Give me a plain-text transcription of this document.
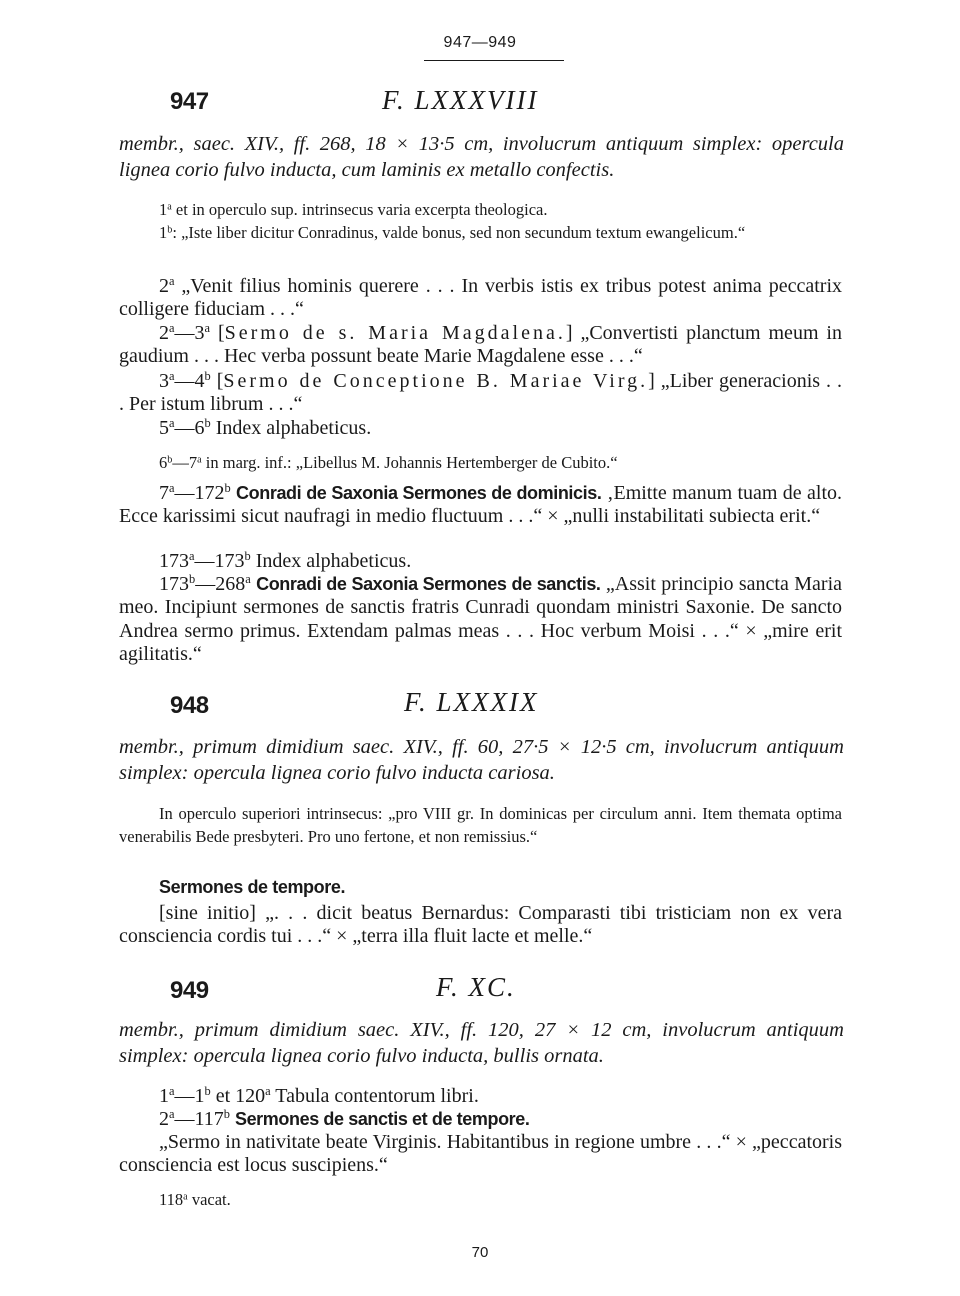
947—949
947	F. LXXXVIII

membr., saec. XIV., ff. 268, 18 × 13·5 cm, involucrum antiquum simplex: opercula lignea corio fulvo inducta, cum laminis ex metallo confectis.

1$^a$ et in operculo sup. intrinsecus varia excerpta theologica.

1$^b$: „Iste liber dicitur Conradinus, valde bonus, sed non secundum textum ewangelicum.“

2$^a$ „Venit filius hominis querere . . . In verbis istis ex tribus potest anima peccatrix colligere fiduciam . . .“

2$^a$—3$^a$ [Sermo de s. Maria Magdalena.] „Convertisti planctum meum in gaudium . . . Hec verba possunt beate Marie Magdalene esse . . .“

3$^a$—4$^b$ [Sermo de Conceptione B. Mariae Virg.] „Liber generacionis . . . Per istum librum . . .“

5$^a$—6$^b$ Index alphabeticus.

6$^b$—7$^a$ in marg. inf.: „Libellus M. Johannis Hertemberger de Cubito.“

7$^a$—172$^b$ Conradi de Saxonia Sermones de dominicis. ‚Emitte manum tuam de alto. Ecce karissimi sicut naufragi in medio fluctuum . . .“ × „nulli instabilitati subiecta erit.“

173$^a$—173$^b$ Index alphabeticus.

173$^b$—268$^a$ Conradi de Saxonia Sermones de sanctis. „Assit principio sancta Maria meo. Incipiunt sermones de sanctis fratris Cunradi quondam ministri Saxonie. De sancto Andrea sermo primus. Extendam palmas meas . . . Hoc verbum Moisi . . .“ × „mire erit agilitatis.“

948	F. LXXXIX

membr., primum dimidium saec. XIV., ff. 60, 27·5 × 12·5 cm, involucrum antiquum simplex: opercula lignea corio fulvo inducta cariosa.

In operculo superiori intrinsecus: „pro VIII gr. In dominicas per circulum anni. Item themata optima venerabilis Bede presbyteri. Pro uno fertone, et non remissius.“

Sermones de tempore.

[sine initio] „. . . dicit beatus Bernardus: Comparasti tibi tristiciam non ex vera consciencia cordis tui . . .“ × „terra illa fluit lacte et melle.“

949	F. XC.

membr., primum dimidium saec. XIV., ff. 120, 27 × 12 cm, involucrum antiquum simplex: opercula lignea corio fulvo inducta, bullis ornata.

1$^a$—1$^b$ et 120$^a$ Tabula contentorum libri.

2$^a$—117$^b$ Sermones de sanctis et de tempore.

„Sermo in nativitate beate Virginis. Habitantibus in regione umbre . . .“ × „peccatoris consciencia est locus suscipiens.“

118$^a$ vacat.

70
